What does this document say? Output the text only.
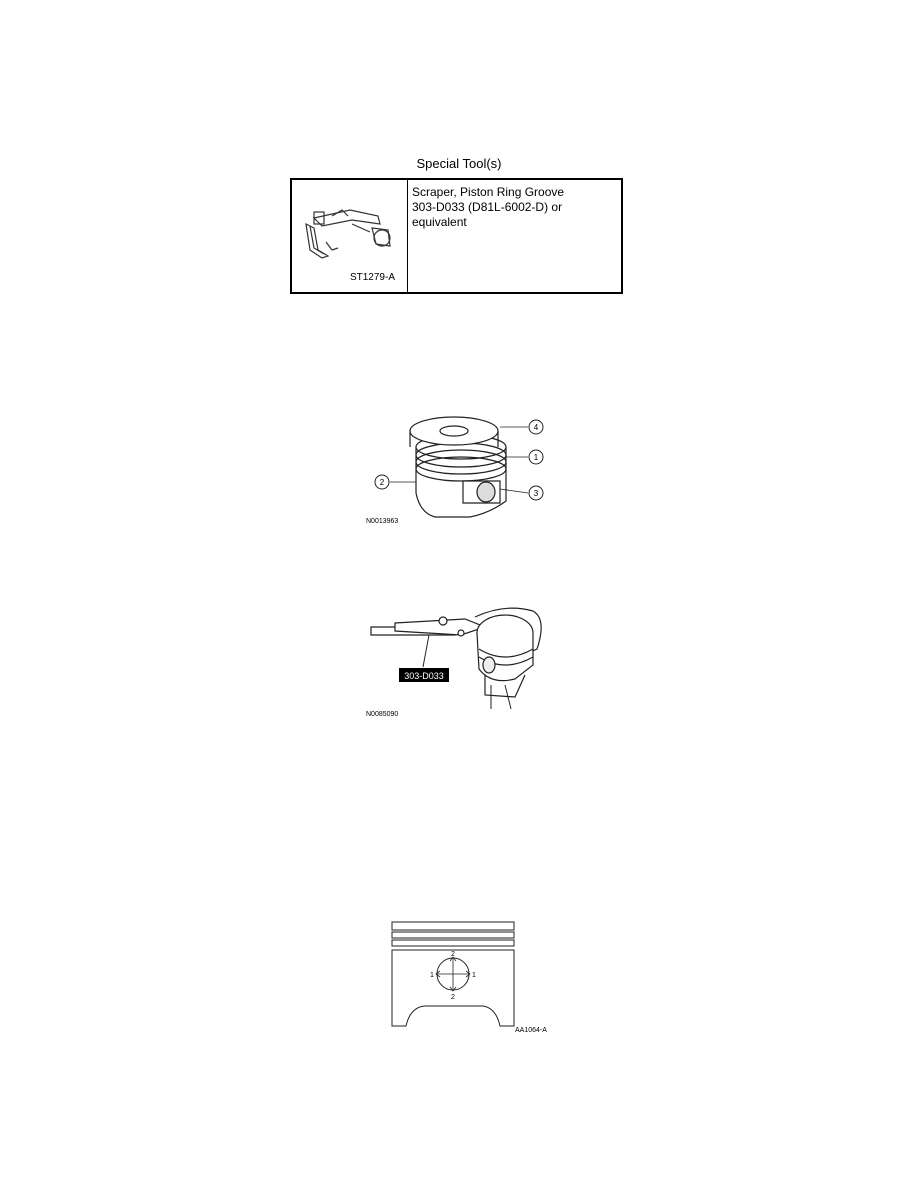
Special Tool(s)
ST1279-A
Scraper, Piston Ring Groove
303-D033 (D81L-6002-D) or equivalent
4
1
2
3
N0013963
303-D033
N0085090
2
2
1	1
AA1064-A
